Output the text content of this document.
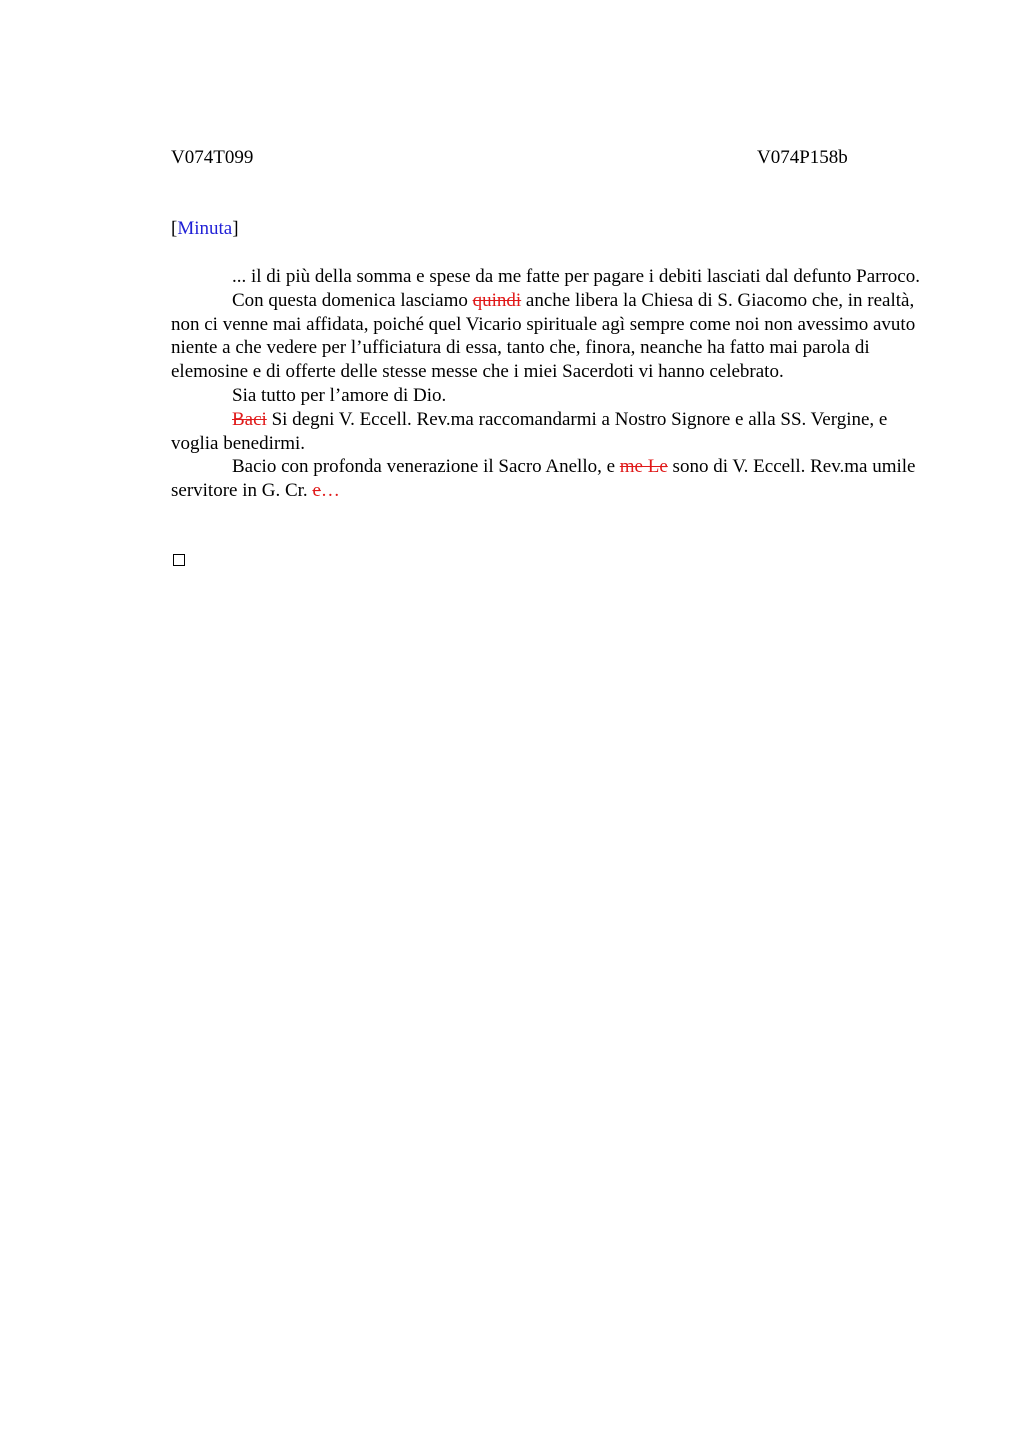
V074T099	V074P158b
[Minuta]

... il di più della somma e spese da me fatte per pagare i debiti lasciati dal defunto Parroco.

Con questa domenica lasciamo quindi anche libera la Chiesa di S. Giacomo che, in realtà, non ci venne mai affidata, poiché quel Vicario spirituale agì sempre come noi non avessimo avuto niente a che vedere per l’ufficiatura di essa, tanto che, finora, neanche ha fatto mai parola di elemosine e di offerte delle stesse messe che i miei Sacerdoti vi hanno celebrato.

Sia tutto per l’amore di Dio.

Baci Si degni V. Eccell. Rev.ma raccomandarmi a Nostro Signore e alla SS. Vergine, e voglia benedirmi.

Bacio con profonda venerazione il Sacro Anello, e me Le sono di V. Eccell. Rev.ma umile servitore in G. Cr. e…
